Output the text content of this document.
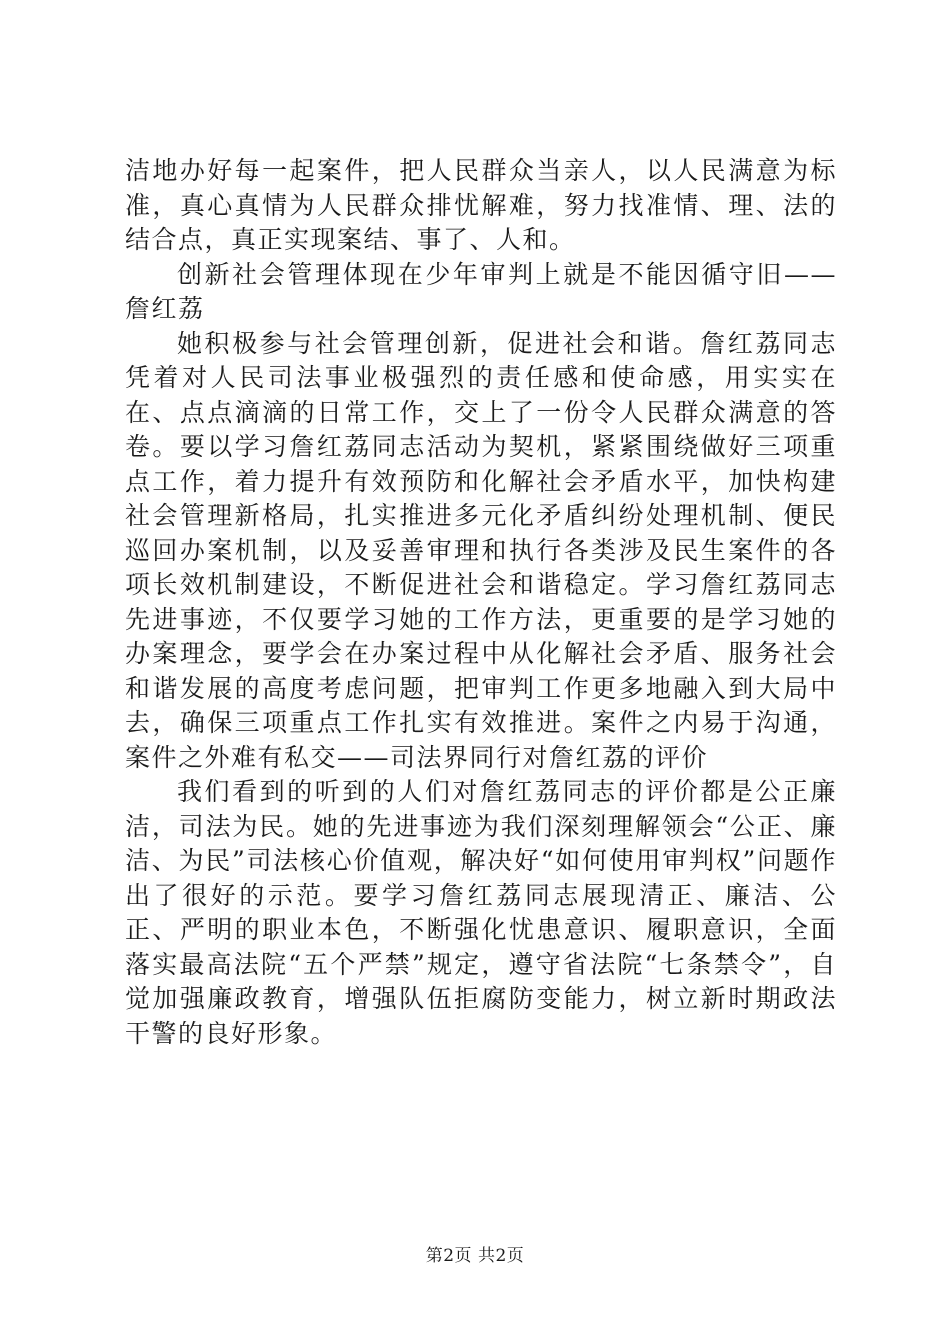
洁地办好每一起案件，把人民群众当亲人，以人民满意为标准，真心真情为人民群众排忧解难，努力找准情、理、法的结合点，真正实现案结、事了、人和。

创新社会管理体现在少年审判上就是不能因循守旧——詹红荔

她积极参与社会管理创新，促进社会和谐。詹红荔同志凭着对人民司法事业极强烈的责任感和使命感，用实实在在、点点滴滴的日常工作，交上了一份令人民群众满意的答卷。要以学习詹红荔同志活动为契机，紧紧围绕做好三项重点工作，着力提升有效预防和化解社会矛盾水平，加快构建社会管理新格局，扎实推进多元化矛盾纠纷处理机制、便民巡回办案机制，以及妥善审理和执行各类涉及民生案件的各项长效机制建设，不断促进社会和谐稳定。学习詹红荔同志先进事迹，不仅要学习她的工作方法，更重要的是学习她的办案理念，要学会在办案过程中从化解社会矛盾、服务社会和谐发展的高度考虑问题，把审判工作更多地融入到大局中去，确保三项重点工作扎实有效推进。案件之内易于沟通，案件之外难有私交——司法界同行对詹红荔的评价

我们看到的听到的人们对詹红荔同志的评价都是公正廉洁，司法为民。她的先进事迹为我们深刻理解领会“公正、廉洁、为民”司法核心价值观，解决好“如何使用审判权”问题作出了很好的示范。要学习詹红荔同志展现清正、廉洁、公正、严明的职业本色，不断强化忧患意识、履职意识，全面落实最高法院“五个严禁”规定，遵守省法院“七条禁令”，自觉加强廉政教育，增强队伍拒腐防变能力，树立新时期政法干警的良好形象。

第2页 共2页
